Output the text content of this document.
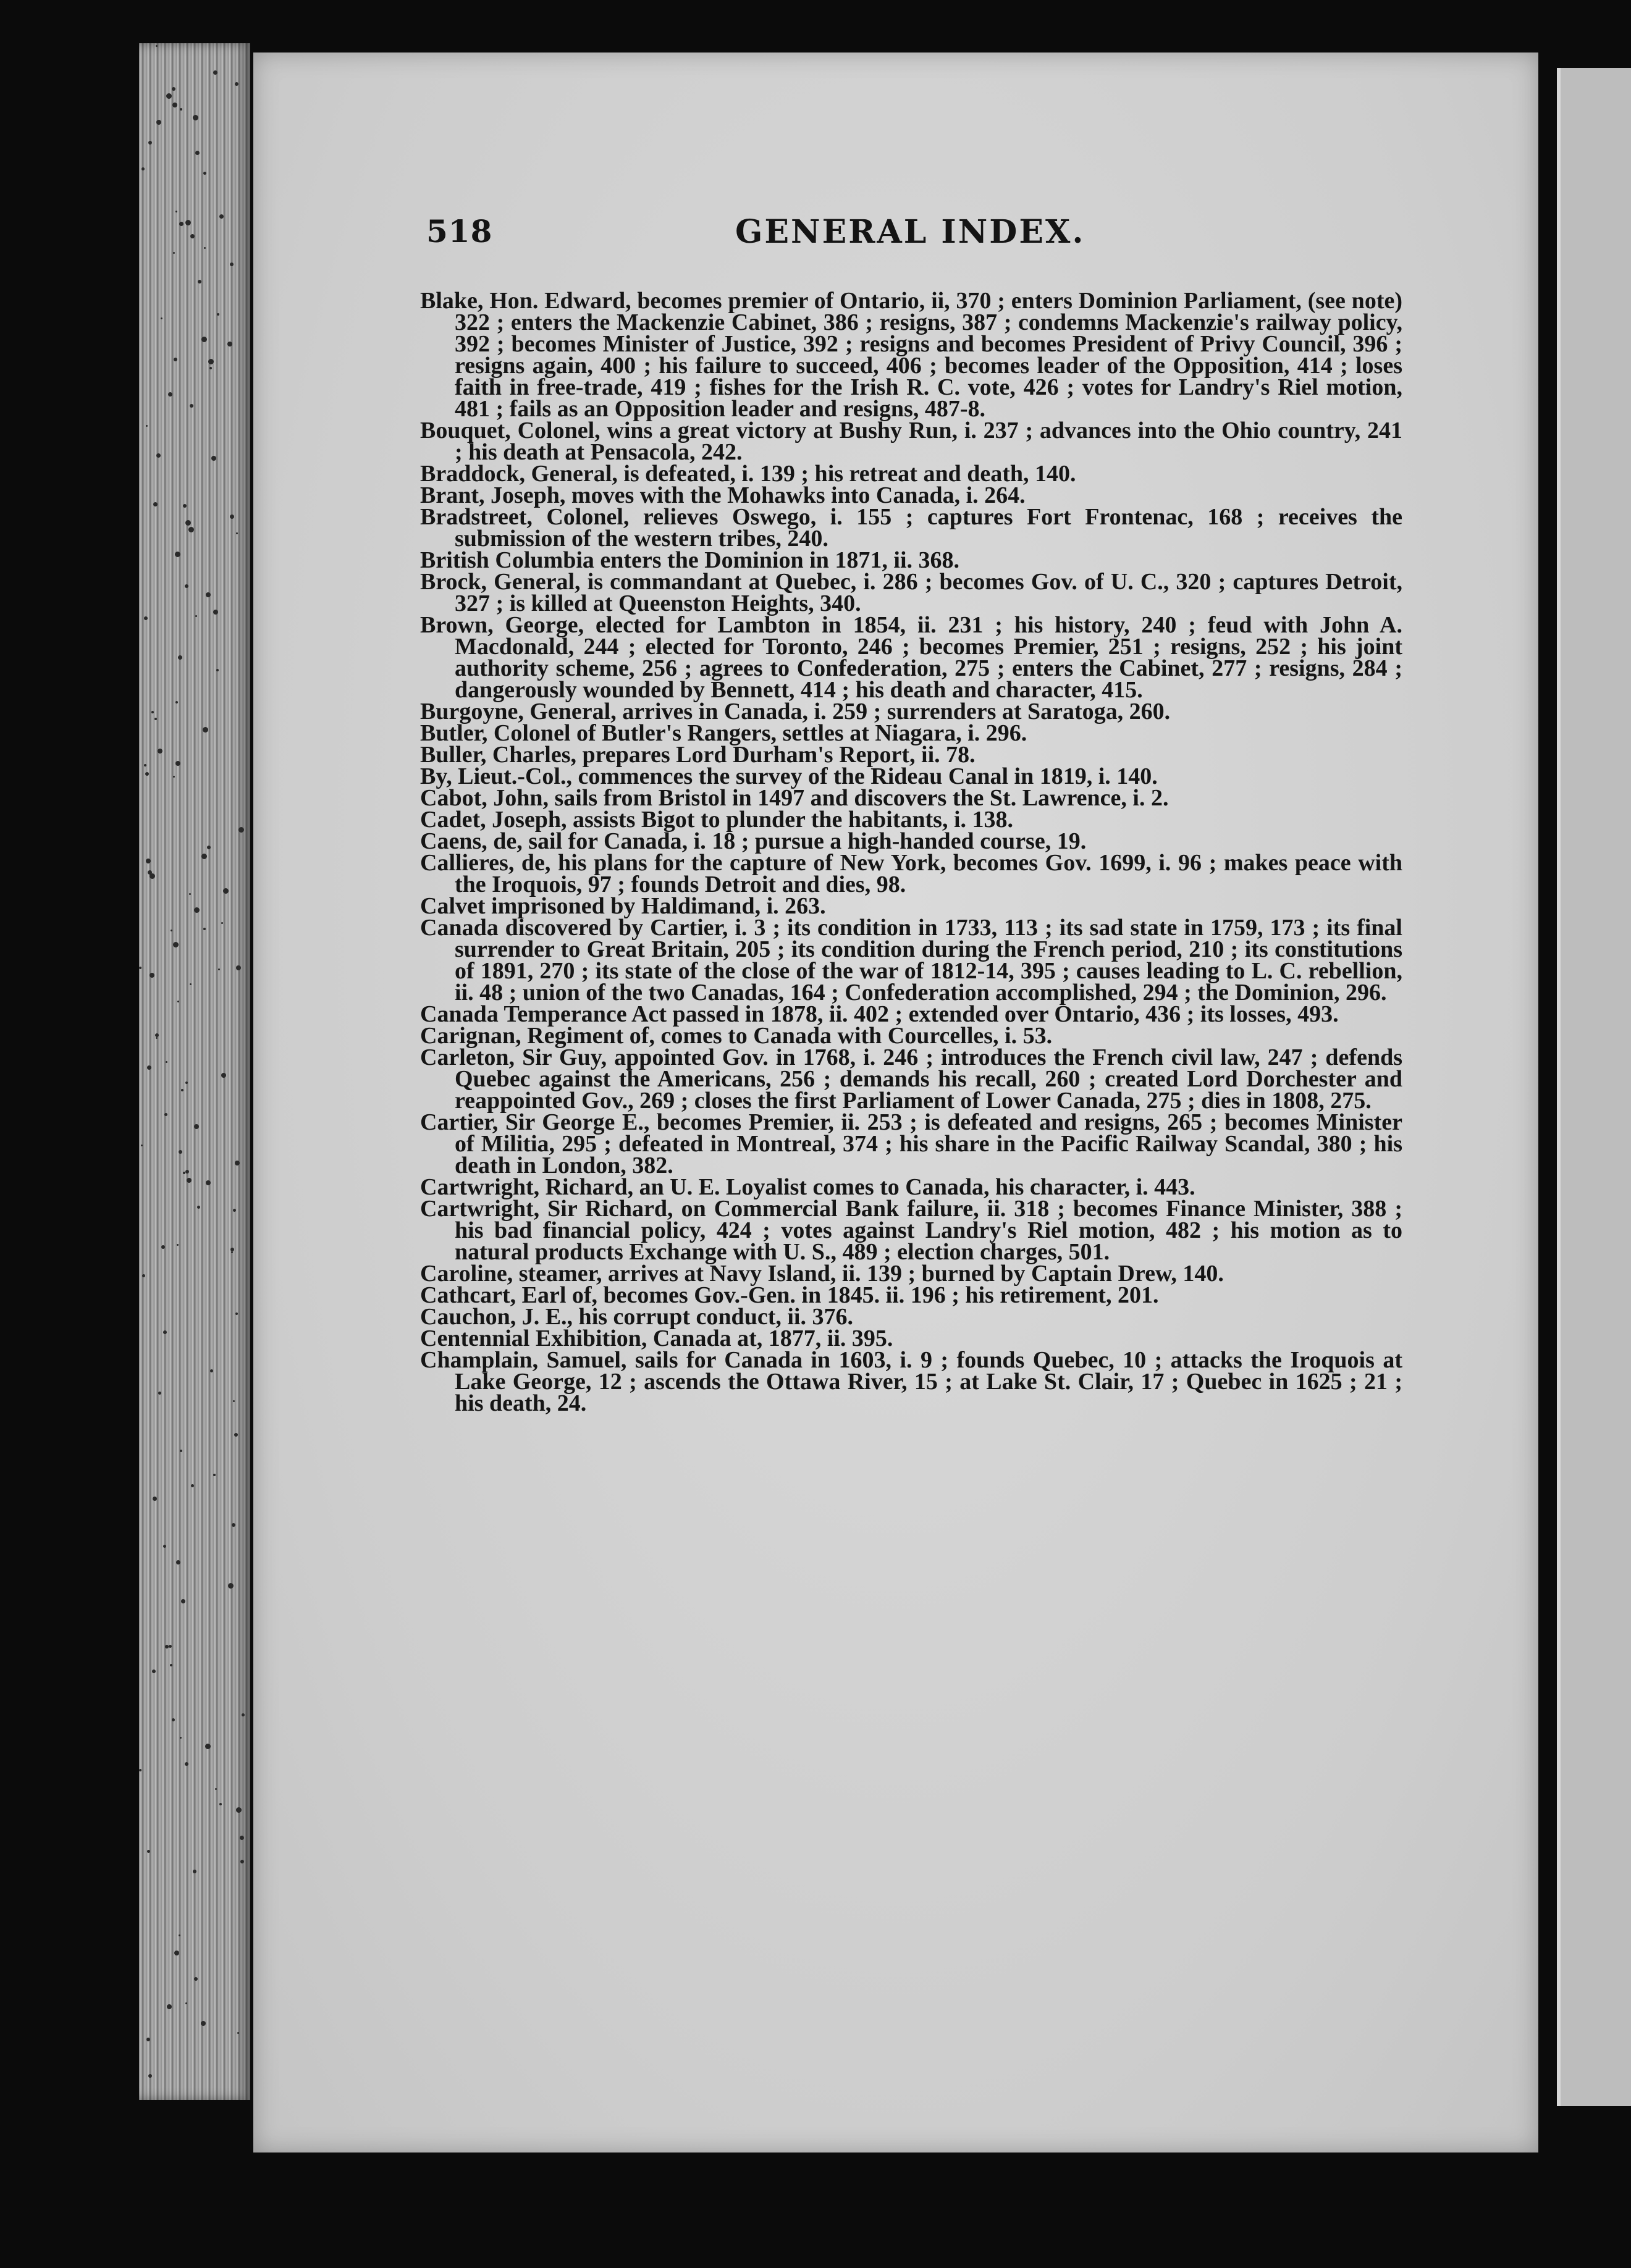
518	GENERAL INDEX.

Blake, Hon. Edward, becomes premier of Ontario, ii, 370 ; enters Dominion Parliament, (see note) 322 ; enters the Mackenzie Cabinet, 386 ; resigns, 387 ; condemns Mackenzie's railway policy, 392 ; becomes Minister of Justice, 392 ; resigns and becomes President of Privy Council, 396 ; resigns again, 400 ; his failure to succeed, 406 ; becomes leader of the Opposition, 414 ; loses faith in free-trade, 419 ; fishes for the Irish R. C. vote, 426 ; votes for Landry's Riel motion, 481 ; fails as an Opposition leader and resigns, 487-8.

Bouquet, Colonel, wins a great victory at Bushy Run, i. 237 ; advances into the Ohio country, 241 ; his death at Pensacola, 242.

Braddock, General, is defeated, i. 139 ; his retreat and death, 140.

Brant, Joseph, moves with the Mohawks into Canada, i. 264.

Bradstreet, Colonel, relieves Oswego, i. 155 ; captures Fort Frontenac, 168 ; receives the submission of the western tribes, 240.

British Columbia enters the Dominion in 1871, ii. 368.

Brock, General, is commandant at Quebec, i. 286 ; becomes Gov. of U. C., 320 ; captures Detroit, 327 ; is killed at Queenston Heights, 340.

Brown, George, elected for Lambton in 1854, ii. 231 ; his history, 240 ; feud with John A. Macdonald, 244 ; elected for Toronto, 246 ; becomes Premier, 251 ; resigns, 252 ; his joint authority scheme, 256 ; agrees to Confederation, 275 ; enters the Cabinet, 277 ; resigns, 284 ; dangerously wounded by Bennett, 414 ; his death and character, 415.

Burgoyne, General, arrives in Canada, i. 259 ; surrenders at Saratoga, 260.

Butler, Colonel of Butler's Rangers, settles at Niagara, i. 296.

Buller, Charles, prepares Lord Durham's Report, ii. 78.

By, Lieut.-Col., commences the survey of the Rideau Canal in 1819, i. 140.

Cabot, John, sails from Bristol in 1497 and discovers the St. Lawrence, i. 2.

Cadet, Joseph, assists Bigot to plunder the habitants, i. 138.

Caens, de, sail for Canada, i. 18 ; pursue a high-handed course, 19.

Callieres, de, his plans for the capture of New York, becomes Gov. 1699, i. 96 ; makes peace with the Iroquois, 97 ; founds Detroit and dies, 98.

Calvet imprisoned by Haldimand, i. 263.

Canada discovered by Cartier, i. 3 ; its condition in 1733, 113 ; its sad state in 1759, 173 ; its final surrender to Great Britain, 205 ; its condition during the French period, 210 ; its constitutions of 1891, 270 ; its state of the close of the war of 1812-14, 395 ; causes leading to L. C. rebellion, ii. 48 ; union of the two Canadas, 164 ; Confederation accomplished, 294 ; the Dominion, 296.

Canada Temperance Act passed in 1878, ii. 402 ; extended over Ontario, 436 ; its losses, 493.

Carignan, Regiment of, comes to Canada with Courcelles, i. 53.

Carleton, Sir Guy, appointed Gov. in 1768, i. 246 ; introduces the French civil law, 247 ; defends Quebec against the Americans, 256 ; demands his recall, 260 ; created Lord Dorchester and reappointed Gov., 269 ; closes the first Parliament of Lower Canada, 275 ; dies in 1808, 275.

Cartier, Sir George E., becomes Premier, ii. 253 ; is defeated and resigns, 265 ; becomes Minister of Militia, 295 ; defeated in Montreal, 374 ; his share in the Pacific Railway Scandal, 380 ; his death in London, 382.

Cartwright, Richard, an U. E. Loyalist comes to Canada, his character, i. 443.

Cartwright, Sir Richard, on Commercial Bank failure, ii. 318 ; becomes Finance Minister, 388 ; his bad financial policy, 424 ; votes against Landry's Riel motion, 482 ; his motion as to natural products Exchange with U. S., 489 ; election charges, 501.

Caroline, steamer, arrives at Navy Island, ii. 139 ; burned by Captain Drew, 140.

Cathcart, Earl of, becomes Gov.-Gen. in 1845. ii. 196 ; his retirement, 201.

Cauchon, J. E., his corrupt conduct, ii. 376.

Centennial Exhibition, Canada at, 1877, ii. 395.

Champlain, Samuel, sails for Canada in 1603, i. 9 ; founds Quebec, 10 ; attacks the Iroquois at Lake George, 12 ; ascends the Ottawa River, 15 ; at Lake St. Clair, 17 ; Quebec in 1625 ; 21 ; his death, 24.
